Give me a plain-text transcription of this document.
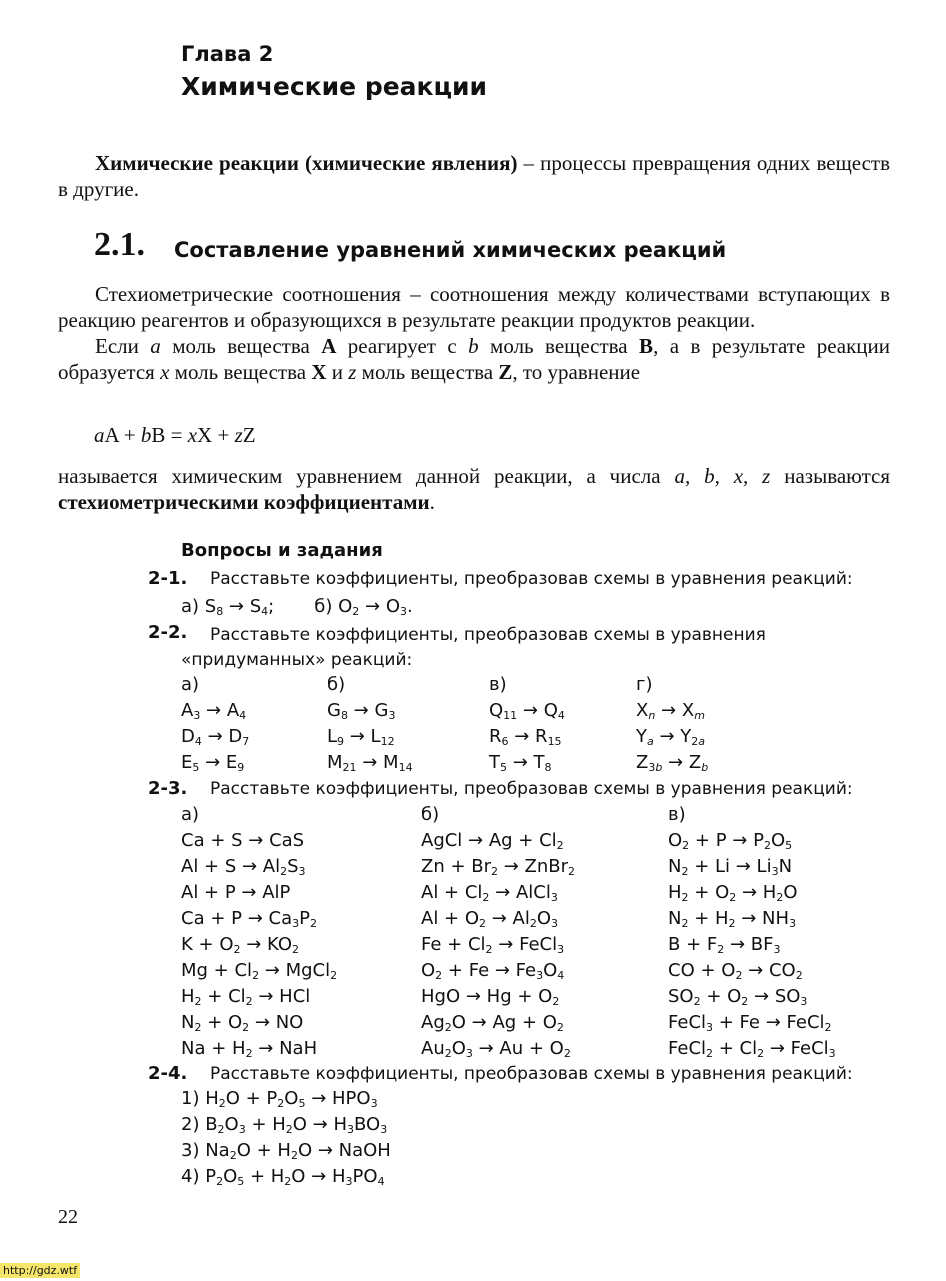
Глава 2
Химические реакции

Химические реакции (химические явления) – процессы превращения одних веществ в другие.

2.1. Составление уравнений химических реакций

Стехиометрические соотношения – соотношения между количествами вступающих в реакцию реагентов и образующихся в результате реакции продуктов реакции.

Если a моль вещества A реагирует с b моль вещества B, а в результате реакции образуется x моль вещества X и z моль вещества Z, то уравнение

aA + bB = xX + zZ

называется химическим уравнением данной реакции, а числа a, b, x, z называются стехиометрическими коэффициентами.

Вопросы и задания
2-1. Расставьте коэффициенты, преобразовав схемы в уравнения реакций:
а) $S_8 \to S_4$;       б) $O_2 \to O_3$.
2-2.	Расставьте коэффициенты, преобразовав схемы в уравнения «придуманных» реакций:
а)
$A_3 \to A_4$
$D_4 \to D_7$
$E_5 \to E_9$
б)
$G_8 \to G_3$
$L_9 \to L_{12}$
$M_{21} \to M_{14}$
в)
$Q_{11} \to Q_4$
$R_6 \to R_{15}$
$T_5 \to T_8$
г)
$X_n \to X_m$
$Y_a \to Y_{2a}$
$Z_{3b} \to Z_b$
2-3. Расставьте коэффициенты, преобразовав схемы в уравнения реакций:
а)
Ca + S → CaS
$Al + S \to Al_2S_3$
Al + P → AlP
$Ca + P \to Ca_3P_2$
$K + O_2 \to KO_2$
$Mg + Cl_2$ → MgCl$_2$
$H_2 + Cl_2$ → HCl
$N_2 + O_2$ → NO
$Na + H_2$ → NaH
б)
AgCl → $Ag + Cl_2$
$Zn + Br_2$ → ZnBr$_2$
$Al + Cl_2$ → AlCl$_3$
$Al + O_2 \to Al_2O_3$
$Fe + Cl_2$ → FeCl$_3$
$O_2 + Fe \to Fe_3O_4$
HgO → $Hg + O_2$
$Ag_2O \to Ag + O_2$
$Au_2O_3 \to Au + O_2$
в)
$O_2 + P \to P_2O_5$
$N_2 + Li \to Li_3N$
$H_2 + O_2 \to H_2O$
$N_2 + H_2 \to NH_3$
$B + F_2 \to BF_3$
CO + $O_2 \to CO_2$
$SO_2 + O_2 \to SO_3$
FeCl$_3$ + Fe → FeCl$_2$
FeCl$_2$ + $Cl_2$ → FeCl$_3$
2-4. Расставьте коэффициенты, преобразовав схемы в уравнения реакций:
1) $H_2O + P_2O_5 \to HPO_3$
2) $B_2O_3 + H_2O \to H_3BO_3$
3) $Na_2O + H_2O$ → NaOH
4) $P_2O_5 + H_2O \to H_3PO_4$
22
http://gdz.wtf
